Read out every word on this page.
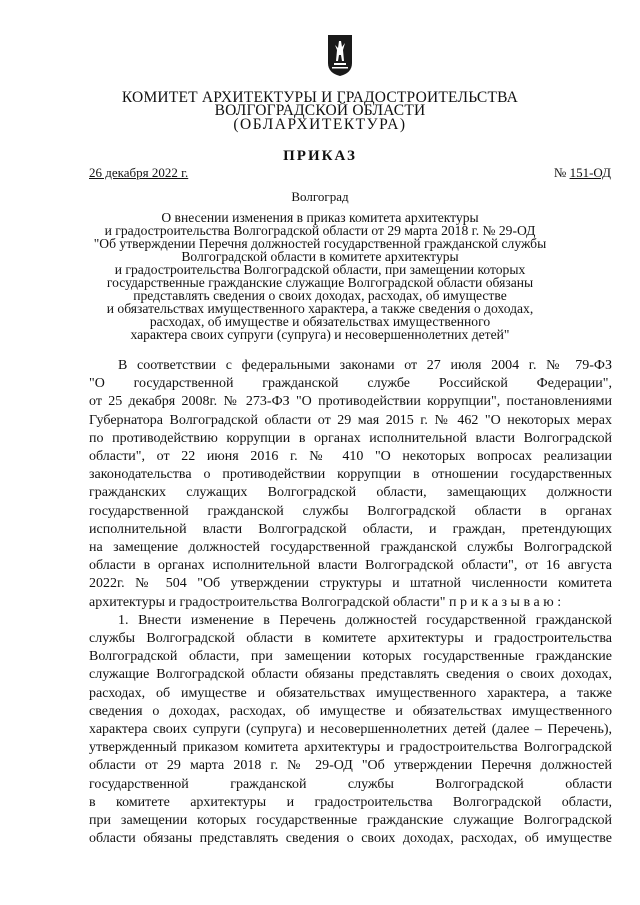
КОМИТЕТ АРХИТЕКТУРЫ И ГРАДОСТРОИТЕЛЬСТВА
ВОЛГОГРАДСКОЙ ОБЛАСТИ
(ОБЛАРХИТЕКТУРА)
ПРИКАЗ
26 декабря 2022 г.	№ 151-ОД
Волгоград
О внесении изменения в приказ комитета архитектуры
и градостроительства Волгоградской области от 29 марта 2018 г. № 29-ОД
"Об утверждении Перечня должностей государственной гражданской службы
Волгоградской области в комитете архитектуры
и градостроительства Волгоградской области, при замещении которых
государственные гражданские служащие Волгоградской области обязаны
представлять сведения о своих доходах, расходах, об имуществе
и обязательствах имущественного характера, а также сведения о доходах,
расходах, об имуществе и обязательствах имущественного
характера своих супруги (супруга) и несовершеннолетних детей"
В соответствии с федеральными законами от 27 июля 2004 г. № 79-ФЗ
"О государственной гражданской службе Российской Федерации",
от 25 декабря 2008г. № 273-ФЗ "О противодействии коррупции", постановлениями
Губернатора Волгоградской области от 29 мая 2015 г. № 462 "О некоторых мерах
по противодействию коррупции в органах исполнительной власти Волгоградской
области", от 22 июня 2016 г. № 410 "О некоторых вопросах реализации
законодательства о противодействии коррупции в отношении государственных
гражданских служащих Волгоградской области, замещающих должности
государственной гражданской службы Волгоградской области в органах
исполнительной власти Волгоградской области, и граждан, претендующих
на замещение должностей государственной гражданской службы Волгоградской
области в органах исполнительной власти Волгоградской области", от 16 августа
2022г. № 504 "Об утверждении структуры и штатной численности комитета
архитектуры и градостроительства Волгоградской области" п р и к а з ы в а ю :
1. Внести изменение в Перечень должностей государственной гражданской
службы Волгоградской области в комитете архитектуры и градостроительства
Волгоградской области, при замещении которых государственные гражданские
служащие Волгоградской области обязаны представлять сведения о своих доходах,
расходах, об имуществе и обязательствах имущественного характера, а также
сведения о доходах, расходах, об имуществе и обязательствах имущественного
характера своих супруги (супруга) и несовершеннолетних детей (далее – Перечень),
утвержденный приказом комитета архитектуры и градостроительства Волгоградской
области от 29 марта 2018 г. № 29-ОД "Об утверждении Перечня должностей
государственной гражданской службы Волгоградской области
в комитете архитектуры и градостроительства Волгоградской области,
при замещении которых государственные гражданские служащие Волгоградской
области обязаны представлять сведения о своих доходах, расходах, об имуществе
